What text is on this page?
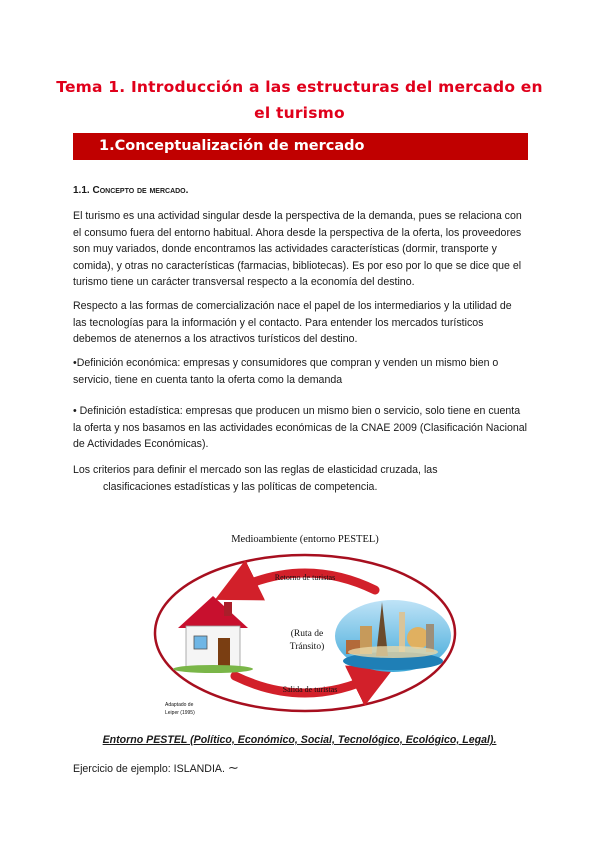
Tema 1. Introducción a las estructuras del mercado en
el turismo
1.Conceptualización de mercado
1.1. Concepto de mercado.

El turismo es una actividad singular desde la perspectiva de la demanda, pues se relaciona con el consumo fuera del entorno habitual. Ahora desde la perspectiva de la oferta, los proveedores son muy variados, donde encontramos las actividades características (dormir, transporte y comida), y otras no características (farmacias, bibliotecas). Es por eso por lo que se dice que el turismo tiene un carácter transversal respecto a la economía del destino.

Respecto a las formas de comercialización nace el papel de los intermediarios y la utilidad de las tecnologías para la información y el contacto. Para entender los mercados turísticos debemos de atenernos a los atractivos turísticos del destino.

•Definición económica: empresas y consumidores que compran y venden un mismo bien o servicio, tiene en cuenta tanto la oferta como la demanda

• Definición estadística: empresas que producen un mismo bien o servicio, solo tiene en cuenta la oferta y nos basamos en las actividades económicas de la CNAE 2009 (Clasificación Nacional de Actividades Económicas).

Los criterios para definir el mercado son las reglas de elasticidad cruzada, las
clasificaciones estadísticas y las políticas de competencia.

Medioambiente (entorno PESTEL)
Retorno de turistas
Salida de turistas
(Ruta de
Tránsito)
Adaptado de
Leiper (1995)
Entorno PESTEL (Político, Económico, Social, Tecnológico, Ecológico, Legal).
Ejercicio de ejemplo: ISLANDIA. ∼
